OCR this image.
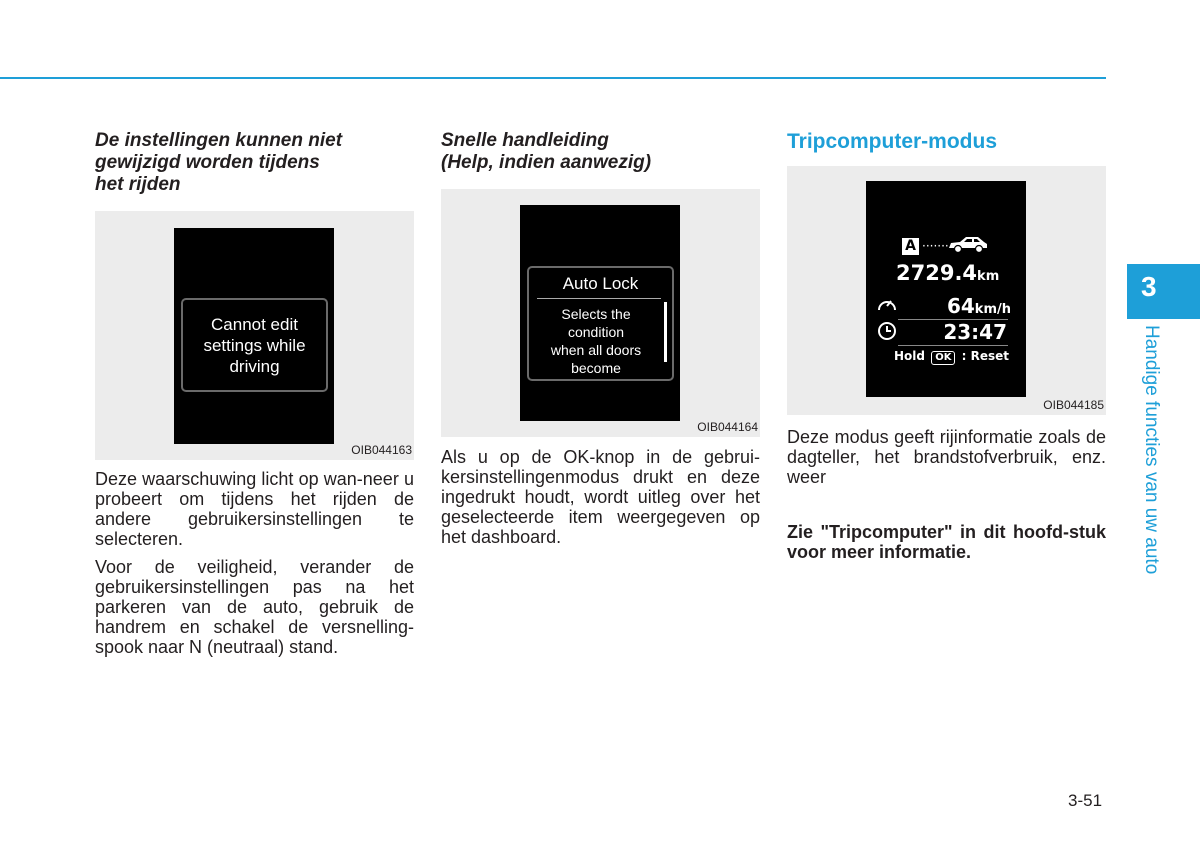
De instellingen kunnen niet
gewijzigd worden tijdens
het rijden

Cannot edit
settings while
driving
OIB044163

Deze waarschuwing licht op wan-neer u probeert om tijdens het rijden de andere gebruikersinstellingen te selecteren.

Voor de veiligheid, verander de gebruikersinstellingen pas na het parkeren van de auto, gebruik de handrem en schakel de versnelling-spook naar N (neutraal) stand.

Snelle handleiding
(Help, indien aanwezig)

Auto Lock
Selects the
condition
when all doors
become
OIB044164

Als u op de OK-knop in de gebrui-kersinstellingenmodus drukt en deze ingedrukt houdt, wordt uitleg over het geselecteerde item weergegeven op het dashboard.

Tripcomputer-modus

A ·······
2729.4km
64km/h
23:47
Hold OK : Reset
OIB044185

Deze modus geeft rijinformatie zoals de dagteller, het brandstofverbruik, enz. weer

Zie "Tripcomputer" in dit hoofd-stuk voor meer informatie.

3
Handige functies van uw auto
3-51
